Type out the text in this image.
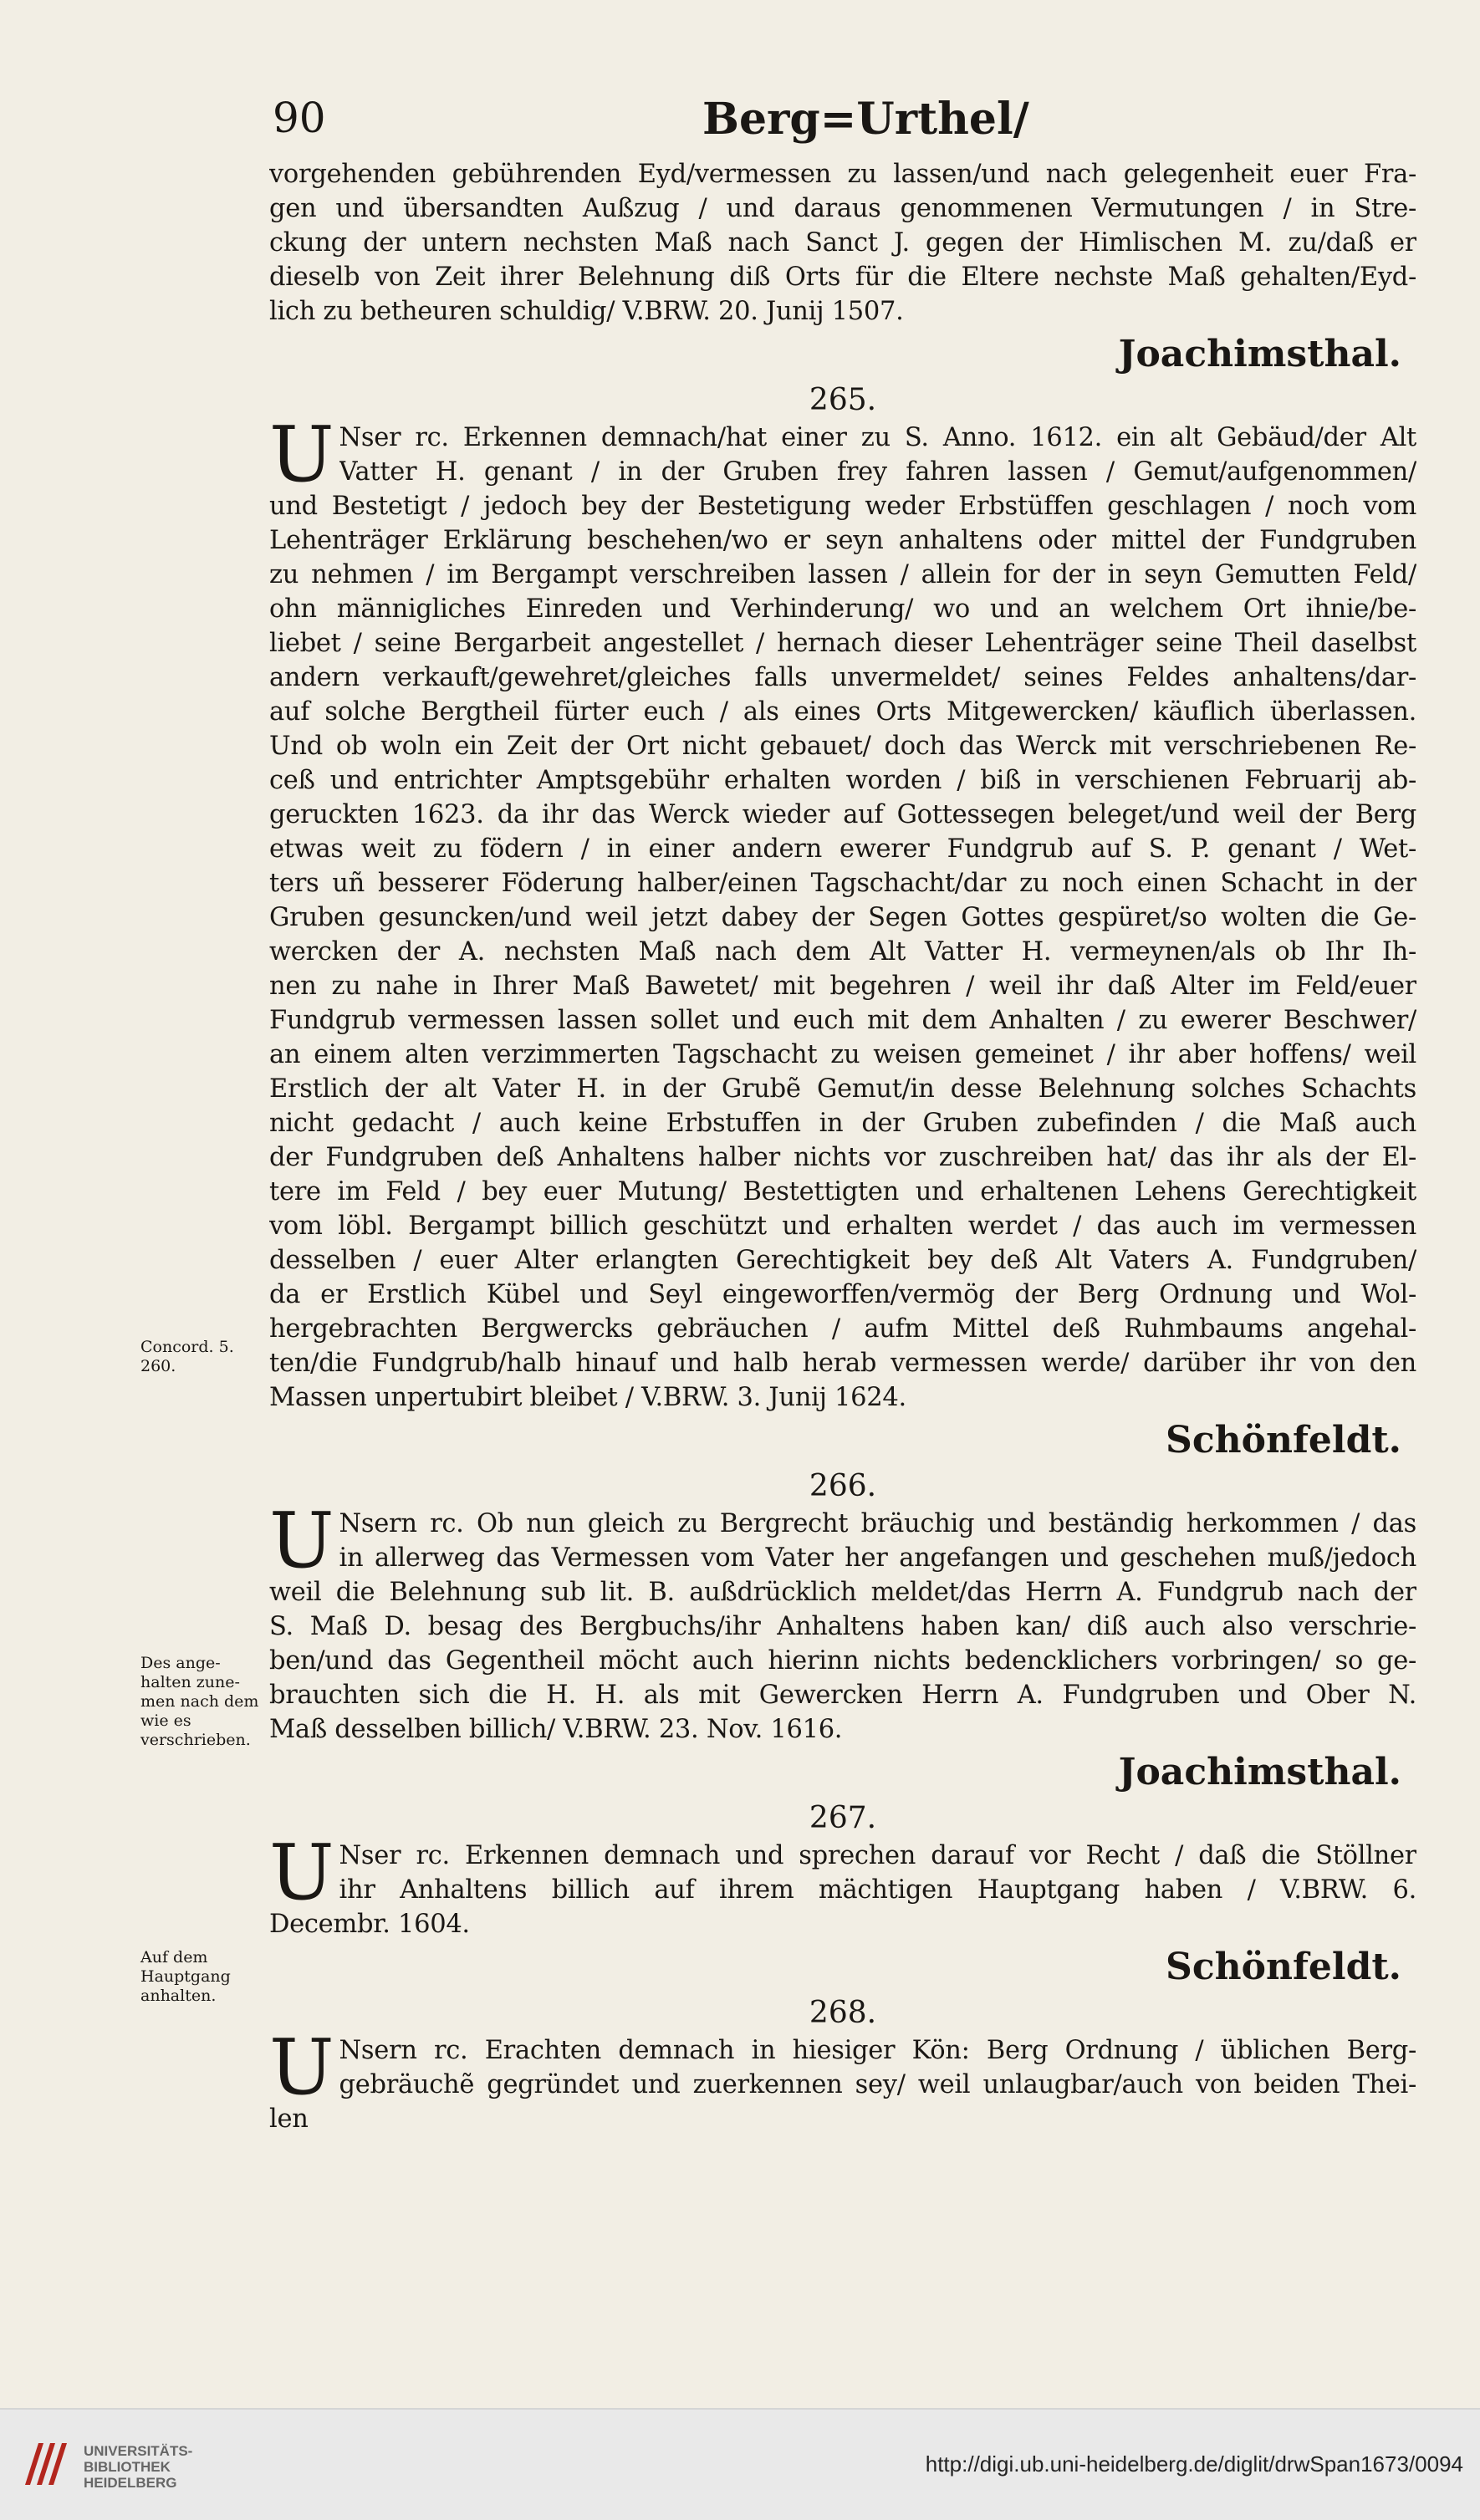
90	Berg=Urthel/
vorgehenden gebührenden Eyd/vermessen zu lassen/und nach gelegenheit euer Fra-
gen und übersandten Außzug / und daraus genommenen Vermutungen / in Stre-
ckung der untern nechsten Maß nach Sanct J. gegen der Himlischen M. zu/daß er
dieselb von Zeit ihrer Belehnung diß Orts für die Eltere nechste Maß gehalten/Eyd-
lich zu betheuren schuldig/ V.BRW. 20. Junij 1507.
Joachimsthal.
265.
U Nser rc. Erkennen demnach/hat einer zu S. Anno. 1612. ein alt Gebäud/der Alt
Vatter H. genant / in der Gruben frey fahren lassen / Gemut/aufgenommen/
und Bestetigt / jedoch bey der Bestetigung weder Erbstüffen geschlagen / noch vom
Lehenträger Erklärung beschehen/wo er seyn anhaltens oder mittel der Fundgruben
zu nehmen / im Bergampt verschreiben lassen / allein for der in seyn Gemutten Feld/
ohn männigliches Einreden und Verhinderung/ wo und an welchem Ort ihnie/be-
liebet / seine Bergarbeit angestellet / hernach dieser Lehenträger seine Theil daselbst
andern verkauft/gewehret/gleiches falls unvermeldet/ seines Feldes anhaltens/dar-
auf solche Bergtheil fürter euch / als eines Orts Mitgewercken/ käuflich überlassen.
Und ob woln ein Zeit der Ort nicht gebauet/ doch das Werck mit verschriebenen Re-
ceß und entrichter Amptsgebühr erhalten worden / biß in verschienen Februarij ab-
geruckten 1623. da ihr das Werck wieder auf Gottessegen beleget/und weil der Berg
etwas weit zu födern / in einer andern ewerer Fundgrub auf S. P. genant / Wet-
ters uñ besserer Föderung halber/einen Tagschacht/dar zu noch einen Schacht in der
Gruben gesuncken/und weil jetzt dabey der Segen Gottes gespüret/so wolten die Ge-
wercken der A. nechsten Maß nach dem Alt Vatter H. vermeynen/als ob Ihr Ih-
nen zu nahe in Ihrer Maß Bawetet/ mit begehren / weil ihr daß Alter im Feld/euer
Fundgrub vermessen lassen sollet und euch mit dem Anhalten / zu ewerer Beschwer/
an einem alten verzimmerten Tagschacht zu weisen gemeinet / ihr aber hoffens/ weil
Erstlich der alt Vater H. in der Grubẽ Gemut/in desse Belehnung solches Schachts
nicht gedacht / auch keine Erbstuffen in der Gruben zubefinden / die Maß auch
der Fundgruben deß Anhaltens halber nichts vor zuschreiben hat/ das ihr als der El-
tere im Feld / bey euer Mutung/ Bestettigten und erhaltenen Lehens Gerechtigkeit
vom löbl. Bergampt billich geschützt und erhalten werdet / das auch im vermessen
desselben / euer Alter erlangten Gerechtigkeit bey deß Alt Vaters A. Fundgruben/
da er Erstlich Kübel und Seyl eingeworffen/vermög der Berg Ordnung und Wol-
hergebrachten Bergwercks gebräuchen / aufm Mittel deß Ruhmbaums angehal-
ten/die Fundgrub/halb hinauf und halb herab vermessen werde/ darüber ihr von den
Massen unpertubirt bleibet / V.BRW. 3. Junij 1624.
Schönfeldt.
266.
U Nsern rc. Ob nun gleich zu Bergrecht bräuchig und beständig herkommen / das
in allerweg das Vermessen vom Vater her angefangen und geschehen muß/jedoch
weil die Belehnung sub lit. B. außdrücklich meldet/das Herrn A. Fundgrub nach der
S. Maß D. besag des Bergbuchs/ihr Anhaltens haben kan/ diß auch also verschrie-
ben/und das Gegentheil möcht auch hierinn nichts bedencklichers vorbringen/ so ge-
brauchten sich die H. H. als mit Gewercken Herrn A. Fundgruben und Ober N.
Maß desselben billich/ V.BRW. 23. Nov. 1616.
Joachimsthal.
267.
U Nser rc. Erkennen demnach und sprechen darauf vor Recht / daß die Stöllner
ihr Anhaltens billich auf ihrem mächtigen Hauptgang haben / V.BRW. 6.
Decembr. 1604.
Schönfeldt.
268.
U Nsern rc. Erachten demnach in hiesiger Kön: Berg Ordnung / üblichen Berg-
gebräuchẽ gegründet und zuerkennen sey/ weil unlaugbar/auch von beiden Thei-
len
Concord. 5. 260.
Des ange-halten zune-men nach dem wie es verschrieben.
Auf dem Hauptgang anhalten.
UNIVERSITÄTS-
BIBLIOTHEK
HEIDELBERG
http://digi.ub.uni-heidelberg.de/diglit/drwSpan1673/0094
